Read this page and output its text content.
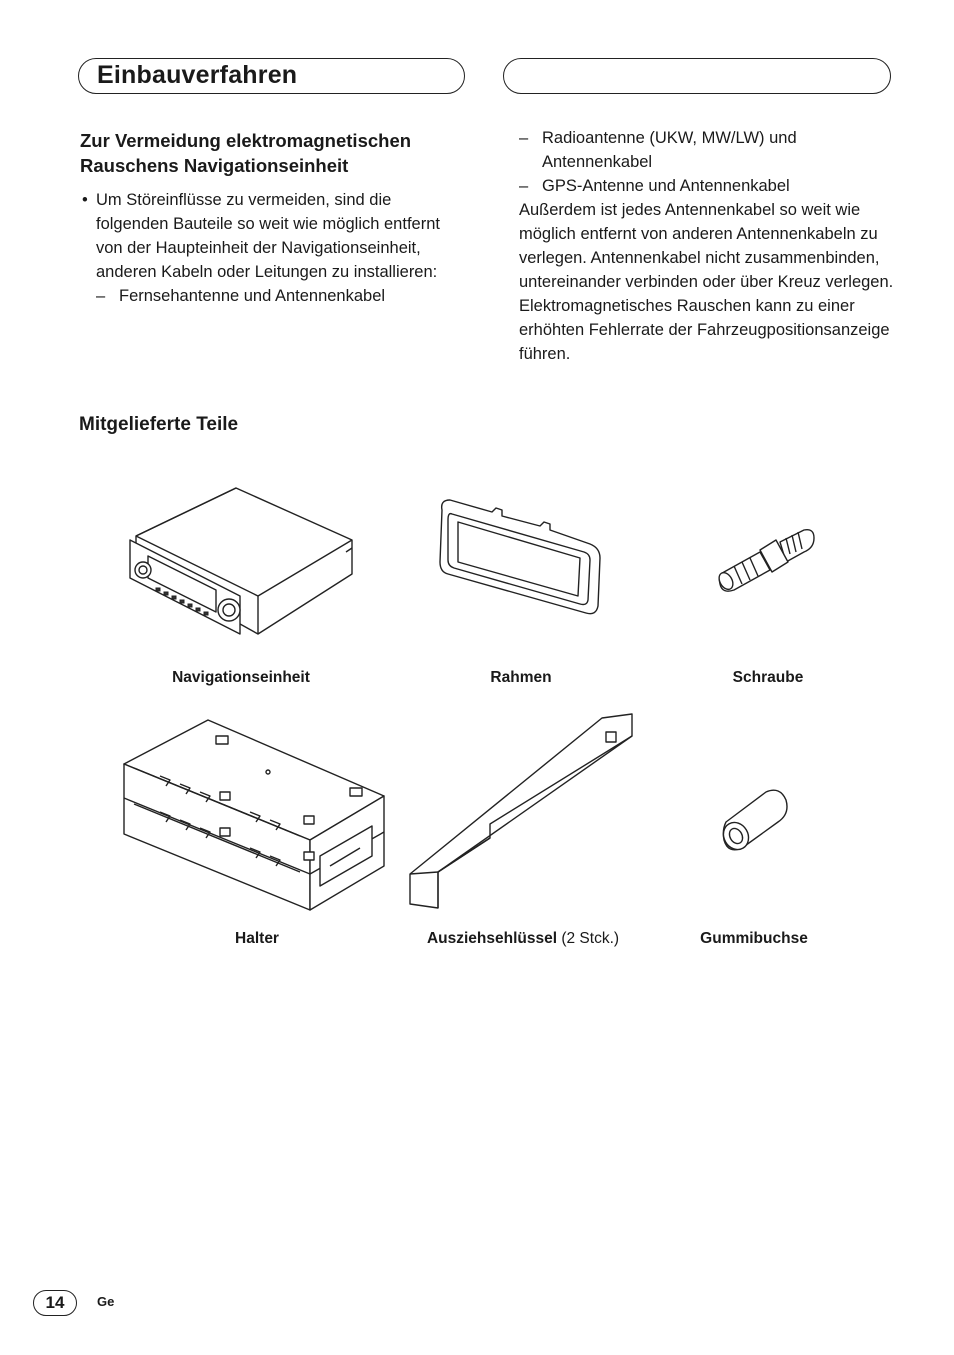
Einbauverfahren
Zur Vermeidung elektromagnetischen Rauschens Navigationseinheit
• Um Störeinflüsse zu vermeiden, sind die folgenden Bauteile so weit wie möglich entfernt von der Haupteinheit der Navigationseinheit, anderen Kabeln oder Leitungen zu installieren:
– Fernsehantenne und Antennenkabel
– Radioantenne (UKW, MW/LW) und Antennenkabel
– GPS-Antenne und Antennenkabel
Außerdem ist jedes Antennenkabel so weit wie möglich entfernt von anderen Antennenkabeln zu verlegen. Antennenkabel nicht zusammenbinden, untereinander verbinden oder über Kreuz verlegen. Elektromagnetisches Rauschen kann zu einer erhöhten Fehlerrate der Fahrzeugpositionsanzeige führen.
Mitgelieferte Teile
Navigationseinheit	Rahmen	Schraube
Halter	Ausziehsehlüssel (2 Stck.)	Gummibuchse
14	Ge
